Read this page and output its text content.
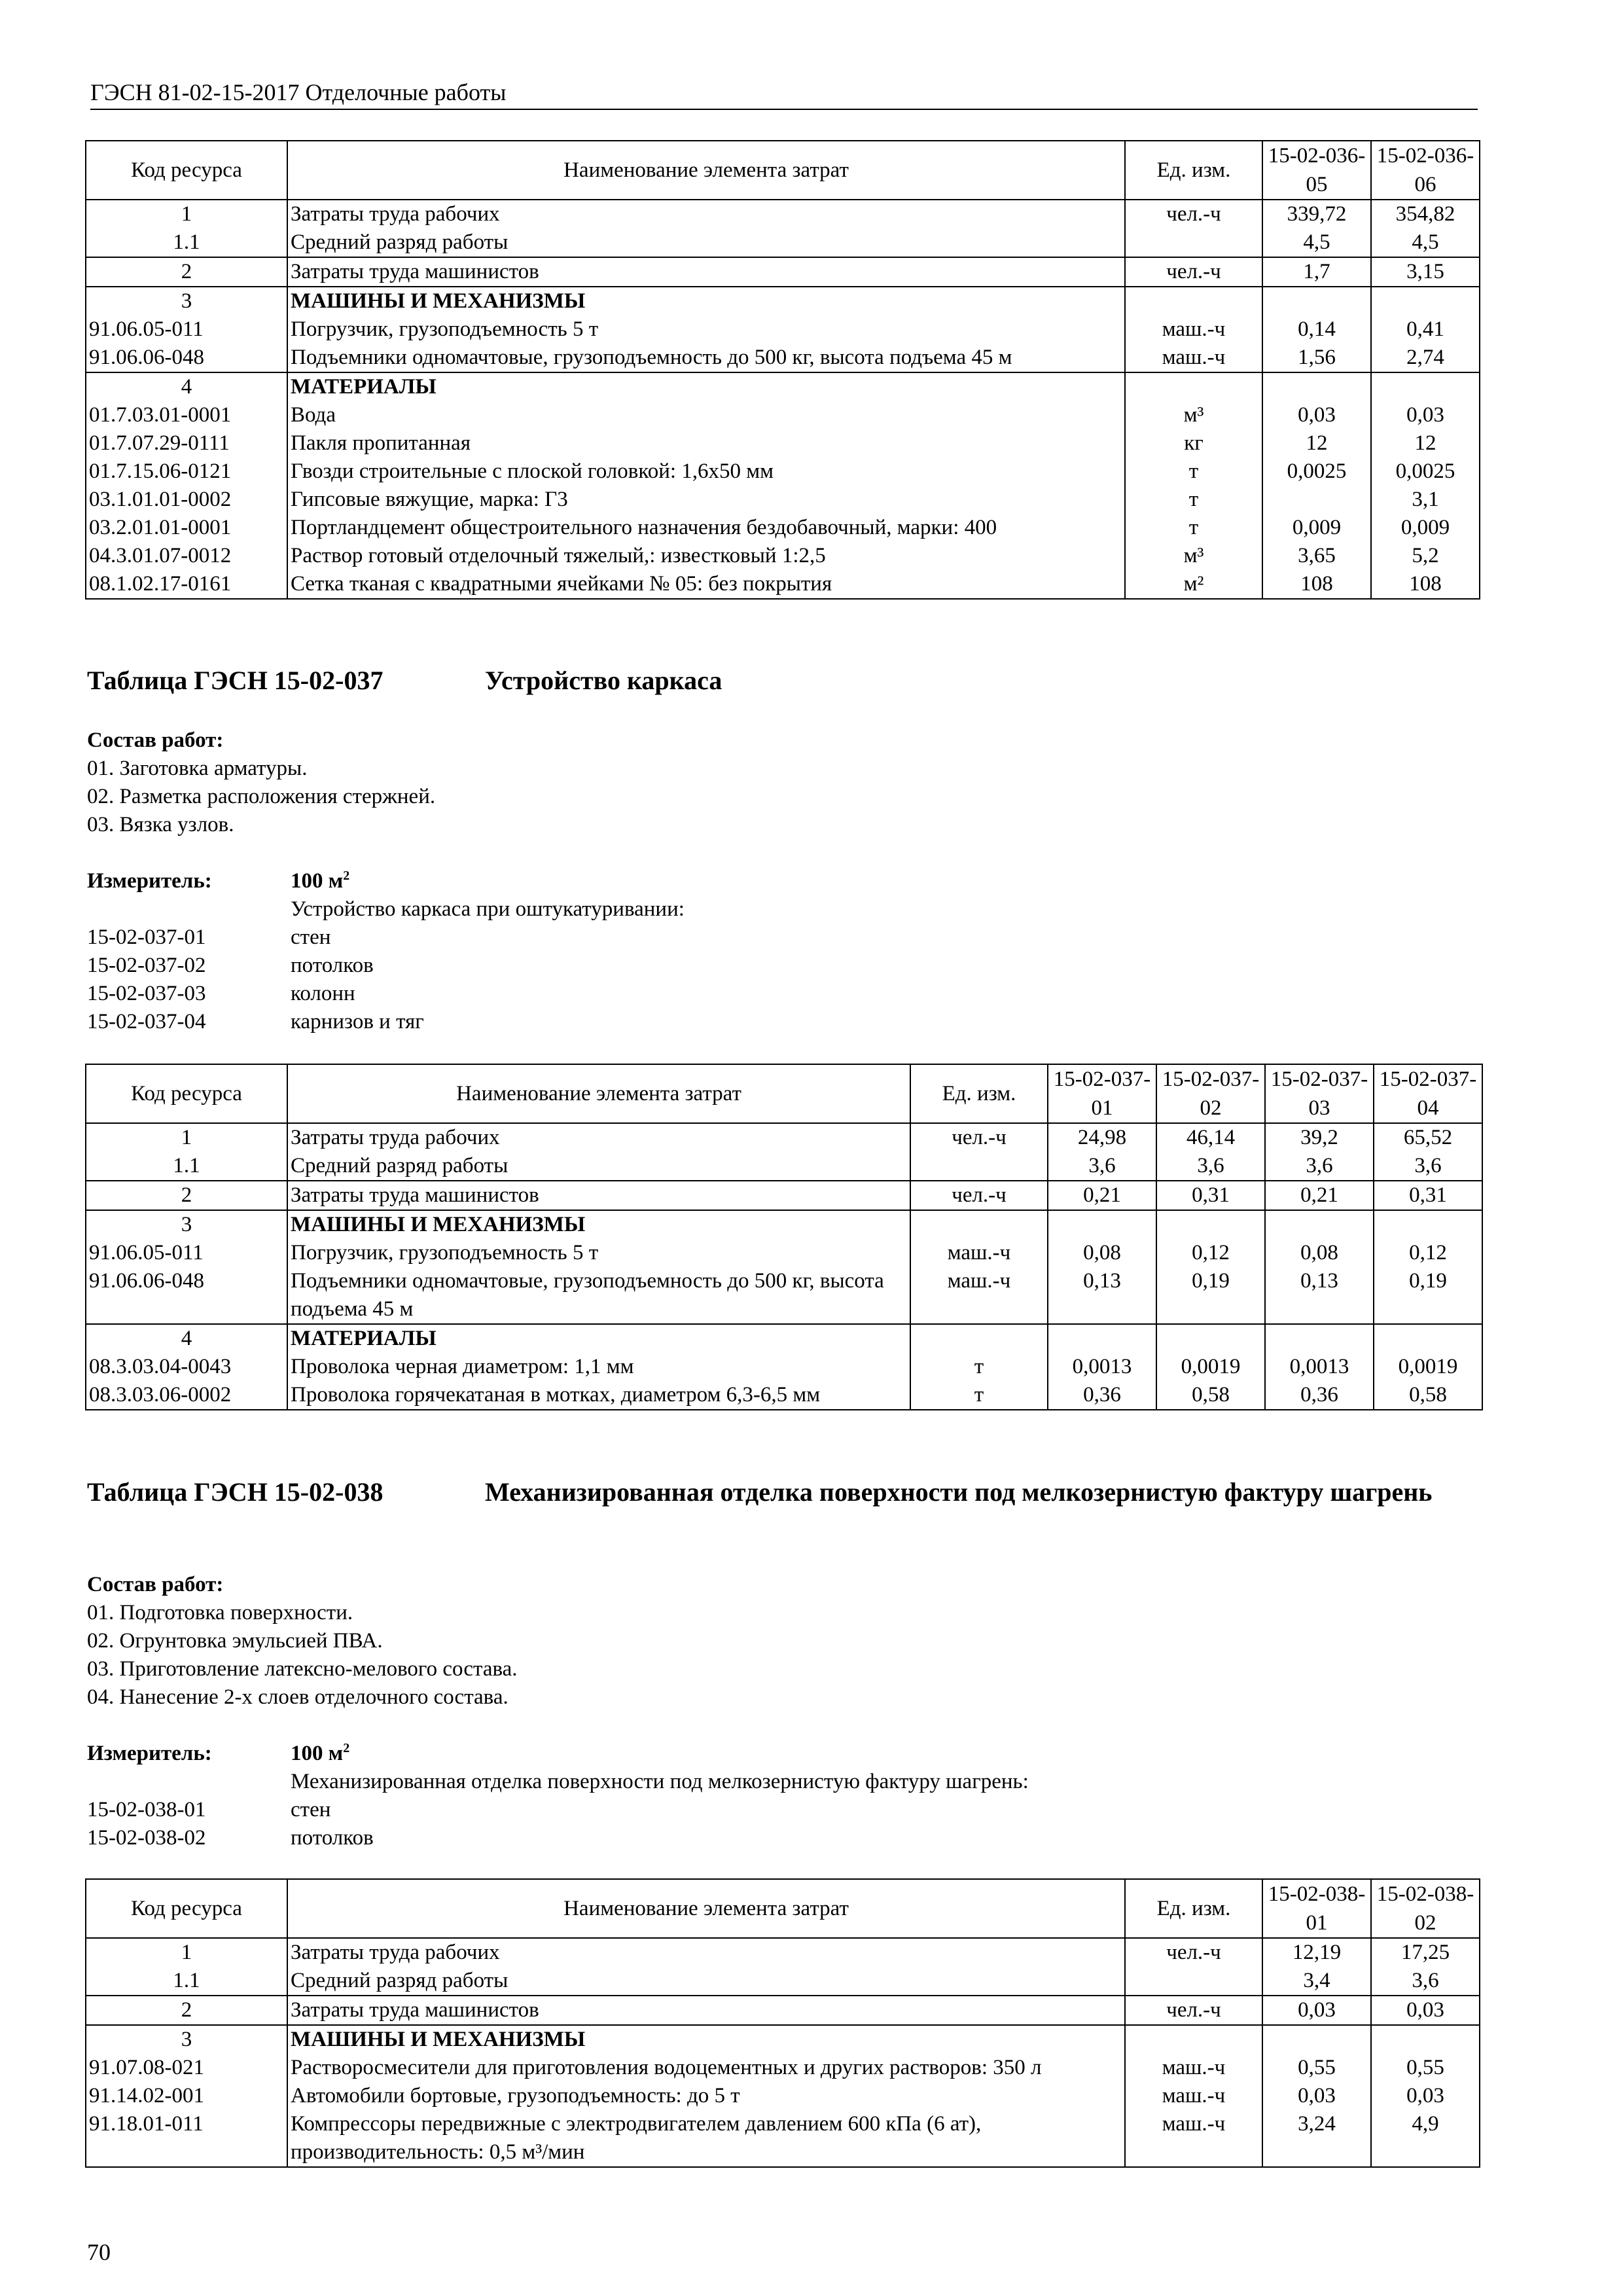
ГЭСН 81-02-15-2017 Отделочные работы
Код ресурса	Наименование элемента затрат	Ед. изм.	15-02-036-05	15-02-036-06
1	Затраты труда рабочих	чел.-ч	339,72	354,82
1.1	Средний разряд работы		4,5	4,5
2	Затраты труда машинистов	чел.-ч	1,7	3,15
3	МАШИНЫ И МЕХАНИЗМЫ			
91.06.05-011	Погрузчик, грузоподъемность 5 т	маш.-ч	0,14	0,41
91.06.06-048	Подъемники одномачтовые, грузоподъемность до 500 кг, высота подъема 45 м	маш.-ч	1,56	2,74
4	МАТЕРИАЛЫ			
01.7.03.01-0001	Вода	м³	0,03	0,03
01.7.07.29-0111	Пакля пропитанная	кг	12	12
01.7.15.06-0121	Гвозди строительные с плоской головкой: 1,6x50 мм	т	0,0025	0,0025
03.1.01.01-0002	Гипсовые вяжущие, марка: Г3	т		3,1
03.2.01.01-0001	Портландцемент общестроительного назначения бездобавочный, марки: 400	т	0,009	0,009
04.3.01.07-0012	Раствор готовый отделочный тяжелый,: известковый 1:2,5	м³	3,65	5,2
08.1.02.17-0161	Сетка тканая с квадратными ячейками № 05: без покрытия	м²	108	108
Таблица ГЭСН 15-02-037	Устройство каркаса
Состав работ:
01. Заготовка арматуры.
02. Разметка расположения стержней.
03. Вязка узлов.
Измеритель:	100 $м^2$
Устройство каркаса при оштукатуривании:
15-02-037-01	стен
15-02-037-02	потолков
15-02-037-03	колонн
15-02-037-04	карнизов и тяг
Код ресурса	Наименование элемента затрат	Ед. изм.	15-02-037-01	15-02-037-02	15-02-037-03	15-02-037-04
1	Затраты труда рабочих	чел.-ч	24,98	46,14	39,2	65,52
1.1	Средний разряд работы		3,6	3,6	3,6	3,6
2	Затраты труда машинистов	чел.-ч	0,21	0,31	0,21	0,31
3	МАШИНЫ И МЕХАНИЗМЫ					
91.06.05-011	Погрузчик, грузоподъемность 5 т	маш.-ч	0,08	0,12	0,08	0,12
91.06.06-048	Подъемники одномачтовые, грузоподъемность до 500 кг, высота подъема 45 м	маш.-ч	0,13	0,19	0,13	0,19
4	МАТЕРИАЛЫ					
08.3.03.04-0043	Проволока черная диаметром: 1,1 мм	т	0,0013	0,0019	0,0013	0,0019
08.3.03.06-0002	Проволока горячекатаная в мотках, диаметром 6,3-6,5 мм	т	0,36	0,58	0,36	0,58
Таблица ГЭСН 15-02-038	Механизированная отделка поверхности под мелкозернистую фактуру шагрень
Состав работ:
01. Подготовка поверхности.
02. Огрунтовка эмульсией ПВА.
03. Приготовление латексно-мелового состава.
04. Нанесение 2-х слоев отделочного состава.
Измеритель:	100 $м^2$
Механизированная отделка поверхности под мелкозернистую фактуру шагрень:
15-02-038-01	стен
15-02-038-02	потолков
Код ресурса	Наименование элемента затрат	Ед. изм.	15-02-038-01	15-02-038-02
1	Затраты труда рабочих	чел.-ч	12,19	17,25
1.1	Средний разряд работы		3,4	3,6
2	Затраты труда машинистов	чел.-ч	0,03	0,03
3	МАШИНЫ И МЕХАНИЗМЫ			
91.07.08-021	Растворосмесители для приготовления водоцементных и других растворов: 350 л	маш.-ч	0,55	0,55
91.14.02-001	Автомобили бортовые, грузоподъемность: до 5 т	маш.-ч	0,03	0,03
91.18.01-011	Компрессоры передвижные с электродвигателем давлением 600 кПа (6 ат), производительность: 0,5 м³/мин	маш.-ч	3,24	4,9
70
